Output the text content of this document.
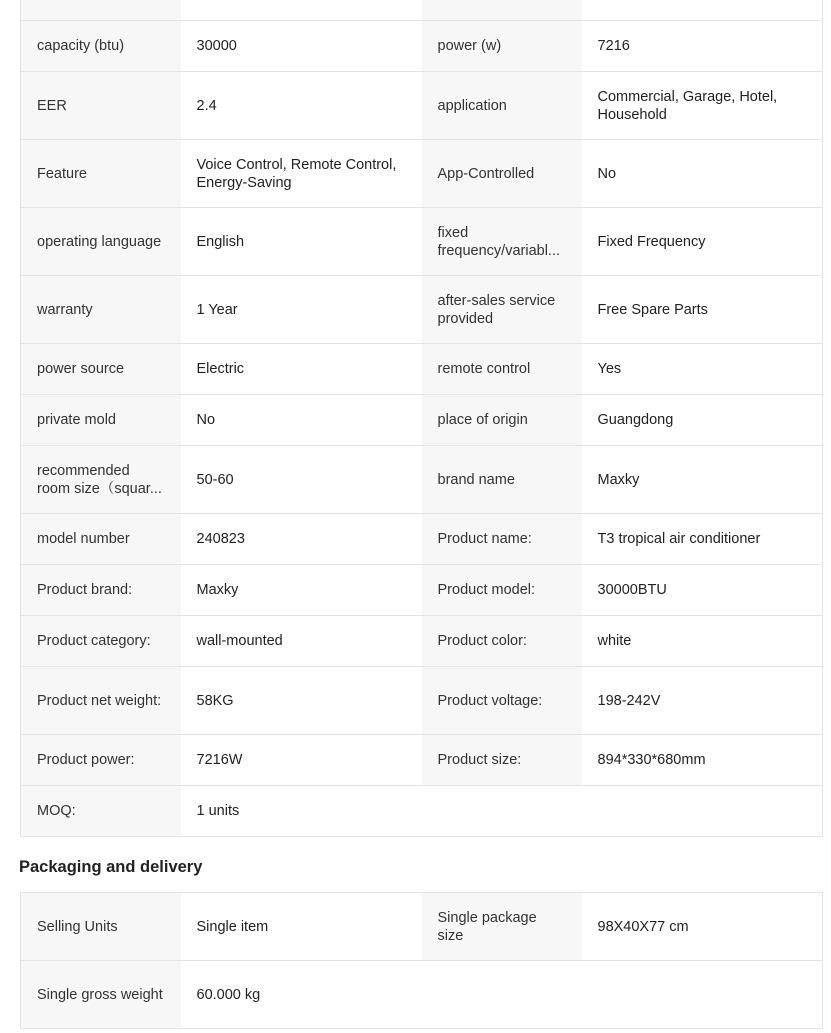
capacity (btu)	30000	power (w)	7216
EER	2.4	application	Commercial, Garage, Hotel, Household
Feature	Voice Control, Remote Control, Energy-Saving	App-Controlled	No
operating language	English	fixed frequency/variabl...	Fixed Frequency
warranty	1 Year	after-sales service provided	Free Spare Parts
power source	Electric	remote control	Yes
private mold	No	place of origin	Guangdong

recommended room size（squar...	50-60	brand name	Maxky
model number	240823	Product name:	T3 tropical air conditioner
Product brand:	Maxky	Product model:	30000BTU
Product category:	wall-mounted	Product color:	white
Product net weight:	58KG	Product voltage:	198-242V
Product power:	7216W	Product size:	894*330*680mm
MOQ:	1 units		
Packaging and delivery
Selling Units	Single item	Single package size	98X40X77 cm
Single gross weight	60.000 kg		
